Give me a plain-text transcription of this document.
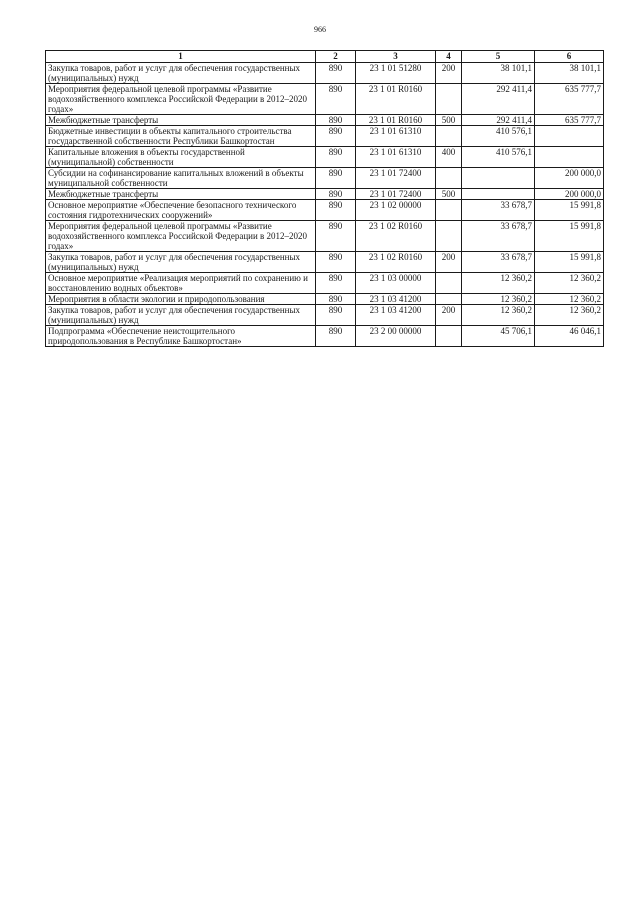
966
1	2	3	4	5	6
Закупка товаров, работ и услуг для обеспечения государственных (муниципальных) нужд	890	23 1 01 51280	200	38 101,1	38 101,1
Мероприятия федеральной целевой программы «Развитие водохозяйственного комплекса Российской Федерации в 2012–2020 годах»	890	23 1 01 R0160		292 411,4	635 777,7
Межбюджетные трансферты	890	23 1 01 R0160	500	292 411,4	635 777,7
Бюджетные инвестиции в объекты капитального строительства государственной собственности Республики Башкортостан	890	23 1 01 61310		410 576,1	
Капитальные вложения в объекты государственной (муниципальной) собственности	890	23 1 01 61310	400	410 576,1	
Субсидии на софинансирование капитальных вложений в объекты муниципальной собственности	890	23 1 01 72400			200 000,0
Межбюджетные трансферты	890	23 1 01 72400	500		200 000,0
Основное мероприятие «Обеспечение безопасного технического состояния гидротехнических сооружений»	890	23 1 02 00000		33 678,7	15 991,8
Мероприятия федеральной целевой программы «Развитие водохозяйственного комплекса Российской Федерации в 2012–2020 годах»	890	23 1 02 R0160		33 678,7	15 991,8
Закупка товаров, работ и услуг для обеспечения государственных (муниципальных) нужд	890	23 1 02 R0160	200	33 678,7	15 991,8
Основное мероприятие «Реализация мероприятий по сохранению и восстановлению водных объектов»	890	23 1 03 00000		12 360,2	12 360,2
Мероприятия в области экологии и природопользования	890	23 1 03 41200		12 360,2	12 360,2
Закупка товаров, работ и услуг для обеспечения государственных (муниципальных) нужд	890	23 1 03 41200	200	12 360,2	12 360,2
Подпрограмма «Обеспечение неистощительного природопользования в Республике Башкортостан»	890	23 2 00 00000		45 706,1	46 046,1
